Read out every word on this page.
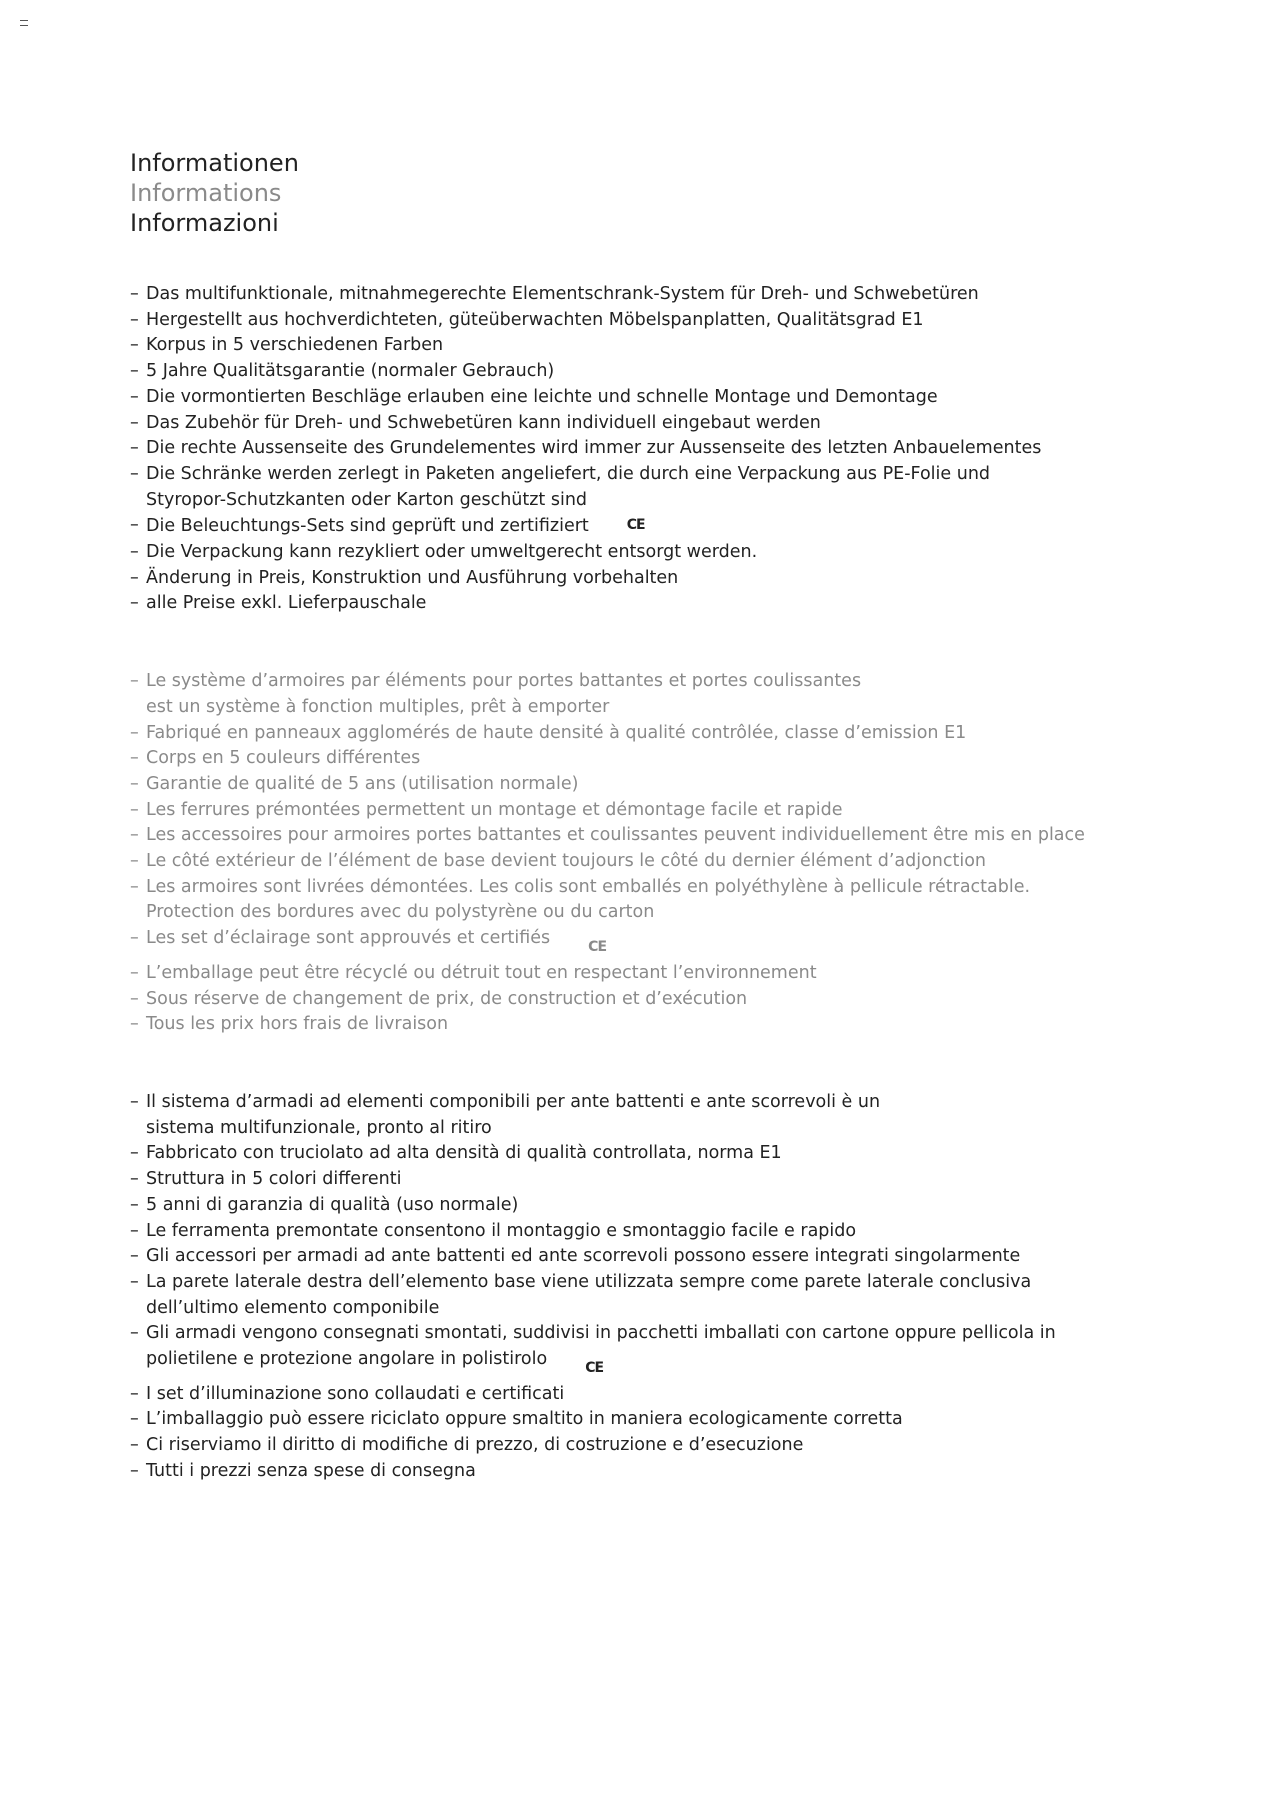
Informationen
Informations
Informazioni
– Das multifunktionale, mitnahmegerechte Elementschrank-System für Dreh- und Schwebetüren
– Hergestellt aus hochverdichteten, güteüberwachten Möbelspanplatten, Qualitätsgrad E1
– Korpus in 5 verschiedenen Farben
– 5 Jahre Qualitätsgarantie (normaler Gebrauch)
– Die vormontierten Beschläge erlauben eine leichte und schnelle Montage und Demontage
– Das Zubehör für Dreh- und Schwebetüren kann individuell eingebaut werden
– Die rechte Aussenseite des Grundelementes wird immer zur Aussenseite des letzten Anbauelementes
– Die Schränke werden zerlegt in Paketen angeliefert, die durch eine Verpackung aus PE-Folie und
Styropor-Schutzkanten oder Karton geschützt sind
– Die Beleuchtungs-Sets sind geprüft und zertifiziert	CE
– Die Verpackung kann rezykliert oder umweltgerecht entsorgt werden.
– Änderung in Preis, Konstruktion und Ausführung vorbehalten
– alle Preise exkl. Lieferpauschale
– Le système d’armoires par éléments pour portes battantes et portes coulissantes
est un système à fonction multiples, prêt à emporter
– Fabriqué en panneaux agglomérés de haute densité à qualité contrôlée, classe d’emission E1
– Corps en 5 couleurs différentes
– Garantie de qualité de 5 ans (utilisation normale)
– Les ferrures prémontées permettent un montage et démontage facile et rapide
– Les accessoires pour armoires portes battantes et coulissantes peuvent individuellement être mis en place
– Le côté extérieur de l’élément de base devient toujours le côté du dernier élément d’adjonction
– Les armoires sont livrées démontées. Les colis sont emballés en polyéthylène à pellicule rétractable.
Protection des bordures avec du polystyrène ou du carton
– Les set d’éclairage sont approuvés et certifiés	CE
– L’emballage peut être récyclé ou détruit tout en respectant l’environnement
– Sous réserve de changement de prix, de construction et d’exécution
– Tous les prix hors frais de livraison
– Il sistema d’armadi ad elementi componibili per ante battenti e ante scorrevoli è un
sistema multifunzionale, pronto al ritiro
– Fabbricato con truciolato ad alta densità di qualità controllata, norma E1
– Struttura in 5 colori differenti
– 5 anni di garanzia di qualità (uso normale)
– Le ferramenta premontate consentono il montaggio e smontaggio facile e rapido
– Gli accessori per armadi ad ante battenti ed ante scorrevoli possono essere integrati singolarmente
– La parete laterale destra dell’elemento base viene utilizzata sempre come parete laterale conclusiva
dell’ultimo elemento componibile
– Gli armadi vengono consegnati smontati, suddivisi in pacchetti imballati con cartone oppure pellicola in
polietilene e protezione angolare in polistirolo	CE
– I set d’illuminazione sono collaudati e certificati
– L’imballaggio può essere riciclato oppure smaltito in maniera ecologicamente corretta
– Ci riserviamo il diritto di modifiche di prezzo, di costruzione e d’esecuzione
– Tutti i prezzi senza spese di consegna
